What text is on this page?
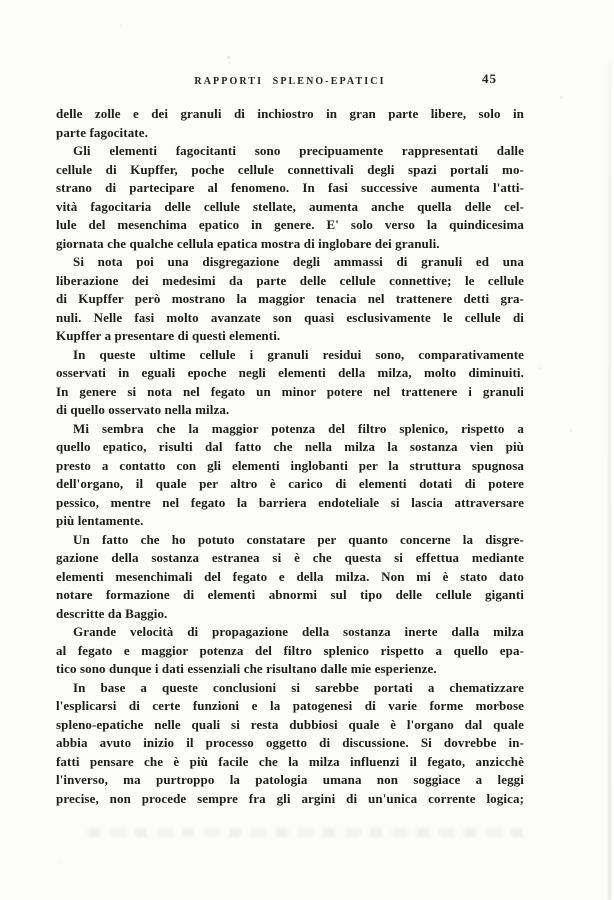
RAPPORTI SPLENO-EPATICI	45
delle zolle e dei granuli di inchiostro in gran parte libere, solo in
parte fagocitate.
Gli elementi fagocitanti sono precipuamente rappresentati dalle
cellule di Kupffer, poche cellule connettivali degli spazi portali mo-
strano di partecipare al fenomeno. In fasi successive aumenta l'atti-
vità fagocitaria delle cellule stellate, aumenta anche quella delle cel-
lule del mesenchima epatico in genere. E' solo verso la quindicesima
giornata che qualche cellula epatica mostra di inglobare dei granuli.
Si nota poi una disgregazione degli ammassi di granuli ed una
liberazione dei medesimi da parte delle cellule connettive; le cellule
di Kupffer però mostrano la maggior tenacia nel trattenere detti gra-
nuli. Nelle fasi molto avanzate son quasi esclusivamente le cellule di
Kupffer a presentare di questi elementi.
In queste ultime cellule i granuli residui sono, comparativamente
osservati in eguali epoche negli elementi della milza, molto diminuiti.
In genere si nota nel fegato un minor potere nel trattenere i granuli
di quello osservato nella milza.
Mi sembra che la maggior potenza del filtro splenico, rispetto a
quello epatico, risulti dal fatto che nella milza la sostanza vien più
presto a contatto con gli elementi inglobanti per la struttura spugnosa
dell'organo, il quale per altro è carico di elementi dotati di potere
pessico, mentre nel fegato la barriera endoteliale si lascia attraversare
più lentamente.
Un fatto che ho potuto constatare per quanto concerne la disgre-
gazione della sostanza estranea si è che questa si effettua mediante
elementi mesenchimali del fegato e della milza. Non mi è stato dato
notare formazione di elementi abnormi sul tipo delle cellule giganti
descritte da Baggio.
Grande velocità di propagazione della sostanza inerte dalla milza
al fegato e maggior potenza del filtro splenico rispetto a quello epa-
tico sono dunque i dati essenziali che risultano dalle mie esperienze.
In base a queste conclusioni si sarebbe portati a chematizzare
l'esplicarsi di certe funzioni e la patogenesi di varie forme morbose
spleno-epatiche nelle quali si resta dubbiosi quale è l'organo dal quale
abbia avuto inizio il processo oggetto di discussione. Si dovrebbe in-
fatti pensare che è più facile che la milza influenzi il fegato, anzicchè
l'inverso, ma purtroppo la patologia umana non soggiace a leggi
precise, non procede sempre fra gli argini di un'unica corrente logica;
